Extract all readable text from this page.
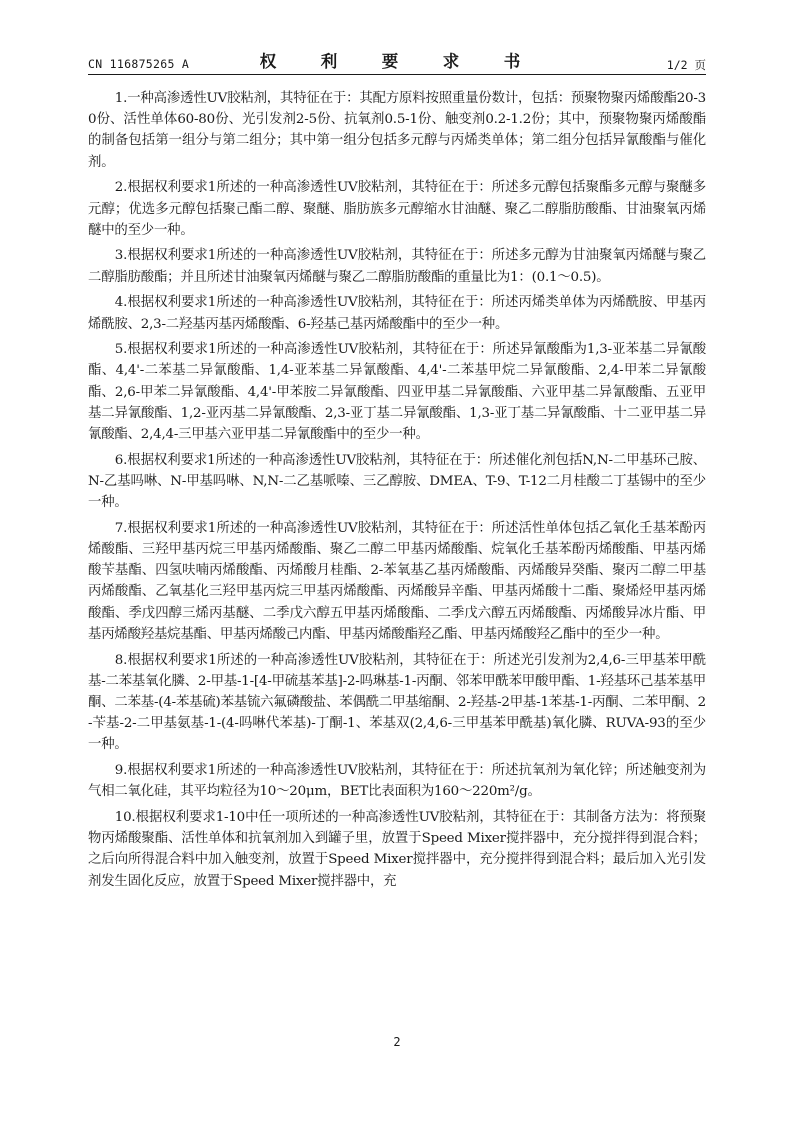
CN 116875265 A	权　利　要　求　书	1/2 页

1.一种高渗透性UV胶粘剂，其特征在于：其配方原料按照重量份数计，包括：预聚物聚丙烯酸酯20-30份、活性单体60-80份、光引发剂2-5份、抗氧剂0.5-1份、触变剂0.2-1.2份；其中，预聚物聚丙烯酸酯的制备包括第一组分与第二组分；其中第一组分包括多元醇与丙烯类单体；第二组分包括异氰酸酯与催化剂。

2.根据权利要求1所述的一种高渗透性UV胶粘剂，其特征在于：所述多元醇包括聚酯多元醇与聚醚多元醇；优选多元醇包括聚己酯二醇、聚醚、脂肪族多元醇缩水甘油醚、聚乙二醇脂肪酸酯、甘油聚氧丙烯醚中的至少一种。

3.根据权利要求1所述的一种高渗透性UV胶粘剂，其特征在于：所述多元醇为甘油聚氧丙烯醚与聚乙二醇脂肪酸酯；并且所述甘油聚氧丙烯醚与聚乙二醇脂肪酸酯的重量比为1：(0.1～0.5)。

4.根据权利要求1所述的一种高渗透性UV胶粘剂，其特征在于：所述丙烯类单体为丙烯酰胺、甲基丙烯酰胺、2,3-二羟基丙基丙烯酸酯、6-羟基己基丙烯酸酯中的至少一种。

5.根据权利要求1所述的一种高渗透性UV胶粘剂，其特征在于：所述异氰酸酯为1,3-亚苯基二异氰酸酯、4,4'-二苯基二异氰酸酯、1,4-亚苯基二异氰酸酯、4,4'-二苯基甲烷二异氰酸酯、2,4-甲苯二异氰酸酯、2,6-甲苯二异氰酸酯、4,4'-甲苯胺二异氰酸酯、四亚甲基二异氰酸酯、六亚甲基二异氰酸酯、五亚甲基二异氰酸酯、1,2-亚丙基二异氰酸酯、2,3-亚丁基二异氰酸酯、1,3-亚丁基二异氰酸酯、十二亚甲基二异氰酸酯、2,4,4-三甲基六亚甲基二异氰酸酯中的至少一种。

6.根据权利要求1所述的一种高渗透性UV胶粘剂，其特征在于：所述催化剂包括N,N-二甲基环己胺、N-乙基吗啉、N-甲基吗啉、N,N-二乙基哌嗪、三乙醇胺、DMEA、T-9、T-12二月桂酸二丁基锡中的至少一种。

7.根据权利要求1所述的一种高渗透性UV胶粘剂，其特征在于：所述活性单体包括乙氧化壬基苯酚丙烯酸酯、三羟甲基丙烷三甲基丙烯酸酯、聚乙二醇二甲基丙烯酸酯、烷氧化壬基苯酚丙烯酸酯、甲基丙烯酸苄基酯、四氢呋喃丙烯酸酯、丙烯酸月桂酯、2-苯氧基乙基丙烯酸酯、丙烯酸异癸酯、聚丙二醇二甲基丙烯酸酯、乙氧基化三羟甲基丙烷三甲基丙烯酸酯、丙烯酸异辛酯、甲基丙烯酸十二酯、聚烯烃甲基丙烯酸酯、季戊四醇三烯丙基醚、二季戊六醇五甲基丙烯酸酯、二季戊六醇五丙烯酸酯、丙烯酸异冰片酯、甲基丙烯酸羟基烷基酯、甲基丙烯酸己内酯、甲基丙烯酸酯羟乙酯、甲基丙烯酸羟乙酯中的至少一种。

8.根据权利要求1所述的一种高渗透性UV胶粘剂，其特征在于：所述光引发剂为2,4,6-三甲基苯甲酰基-二苯基氧化膦、2-甲基-1-[4-甲硫基苯基]-2-吗琳基-1-丙酮、邻苯甲酰苯甲酸甲酯、1-羟基环己基苯基甲酮、二苯基-(4-苯基硫)苯基锍六氟磷酸盐、苯偶酰二甲基缩酮、2-羟基-2甲基-1苯基-1-丙酮、二苯甲酮、2-苄基-2-二甲基氨基-1-(4-吗啉代苯基)-丁酮-1、苯基双(2,4,6-三甲基苯甲酰基)氧化膦、RUVA-93的至少一种。

9.根据权利要求1所述的一种高渗透性UV胶粘剂，其特征在于：所述抗氧剂为氧化锌；所述触变剂为气相二氧化硅，其平均粒径为10～20μm，BET比表面积为160～220m²/g。

10.根据权利要求1-10中任一项所述的一种高渗透性UV胶粘剂，其特征在于：其制备方法为：将预聚物丙烯酸聚酯、活性单体和抗氧剂加入到罐子里，放置于Speed Mixer搅拌器中，充分搅拌得到混合料；之后向所得混合料中加入触变剂，放置于Speed Mixer搅拌器中，充分搅拌得到混合料；最后加入光引发剂发生固化反应，放置于Speed Mixer搅拌器中，充

2
